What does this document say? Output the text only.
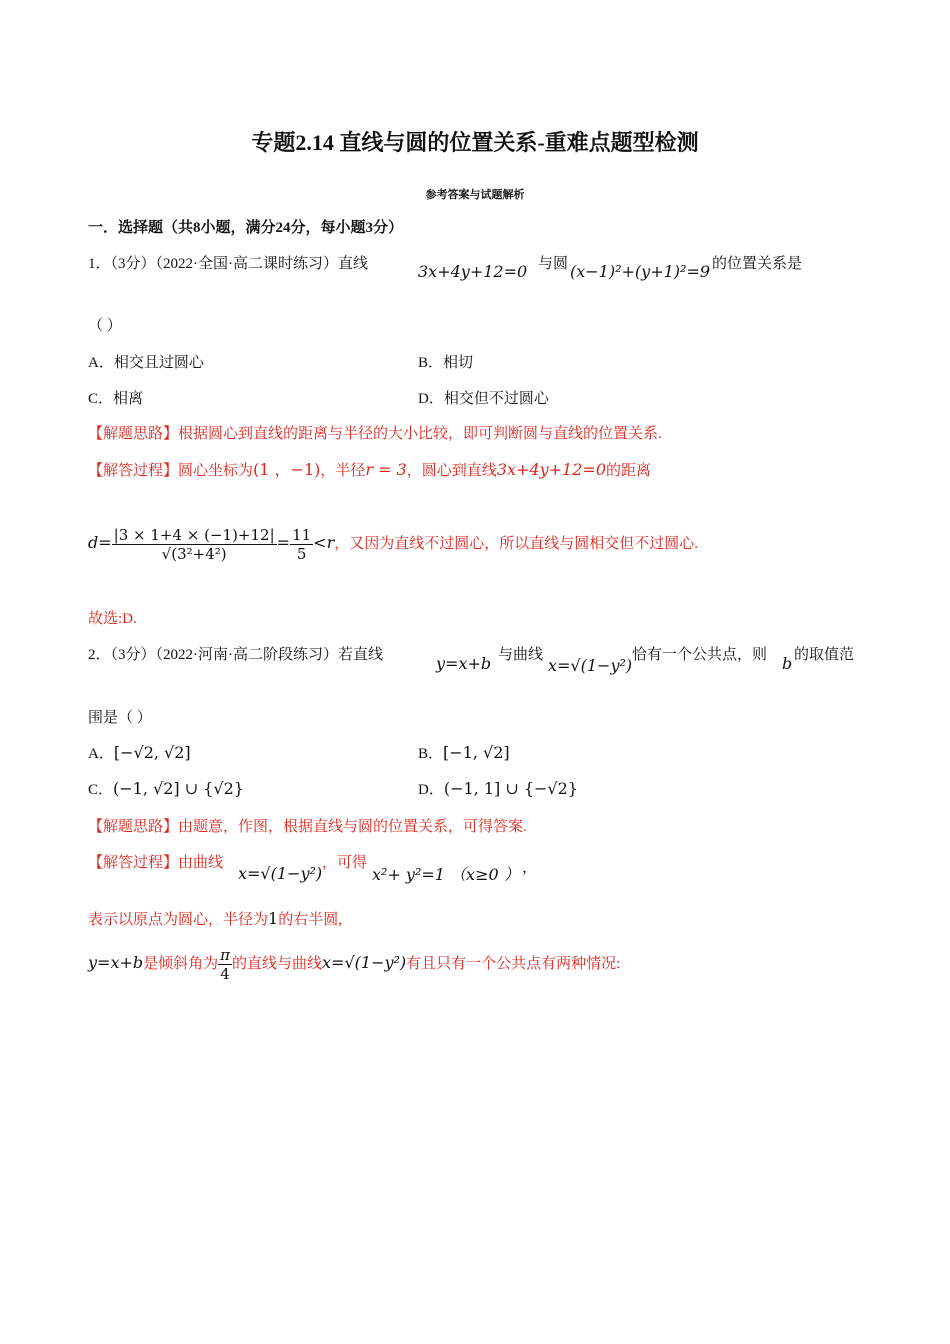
专题2.14 直线与圆的位置关系-重难点题型检测
参考答案与试题解析
一．选择题（共8小题，满分24分，每小题3分）
1．（3分）（2022·全国·高二课时练习）直线	3x+4y+12=0 与圆 (x−1)²+(y+1)²=9 的位置关系是
（ ）
A．相交且过圆心	B．相切
C．相离	D．相交但不过圆心
【解题思路】根据圆心到直线的距离与半径的大小比较，即可判断圆与直线的位置关系.
【解答过程】圆心坐标为(1 ，−1)，半径r = 3，圆心到直线3x+4y+12=0的距离
$d= \frac{|3 \times 1+4 \times (-1)+12|}{\text{√(3²+4²)}} = \frac{11}{5} <r$，又因为直线不过圆心，所以直线与圆相交但不过圆心.
故选:D.
2．（3分）（2022·河南·高二阶段练习）若直线	y=x+b 与曲线
x=√(1−y²)
恰有一个公共点，则 b 的取值范
围是（ ）
A．[−√2, √2]	B．[−1, √2]
C．(−1, √2] ∪ {√2}	D．(−1, 1] ∪ {−√2}
【解题思路】由题意，作图，根据直线与圆的位置关系，可得答案.
【解答过程】由曲线
x=√(1−y²)
，可得
x²+ y²=1 （x≥0 ） ，
表示以原点为圆心，半径为1的右半圆,
y=x+b是倾斜角为 $\frac{\pi}{4}$ 的直线与曲线x=√(1−y²)有且只有一个公共点有两种情况:
